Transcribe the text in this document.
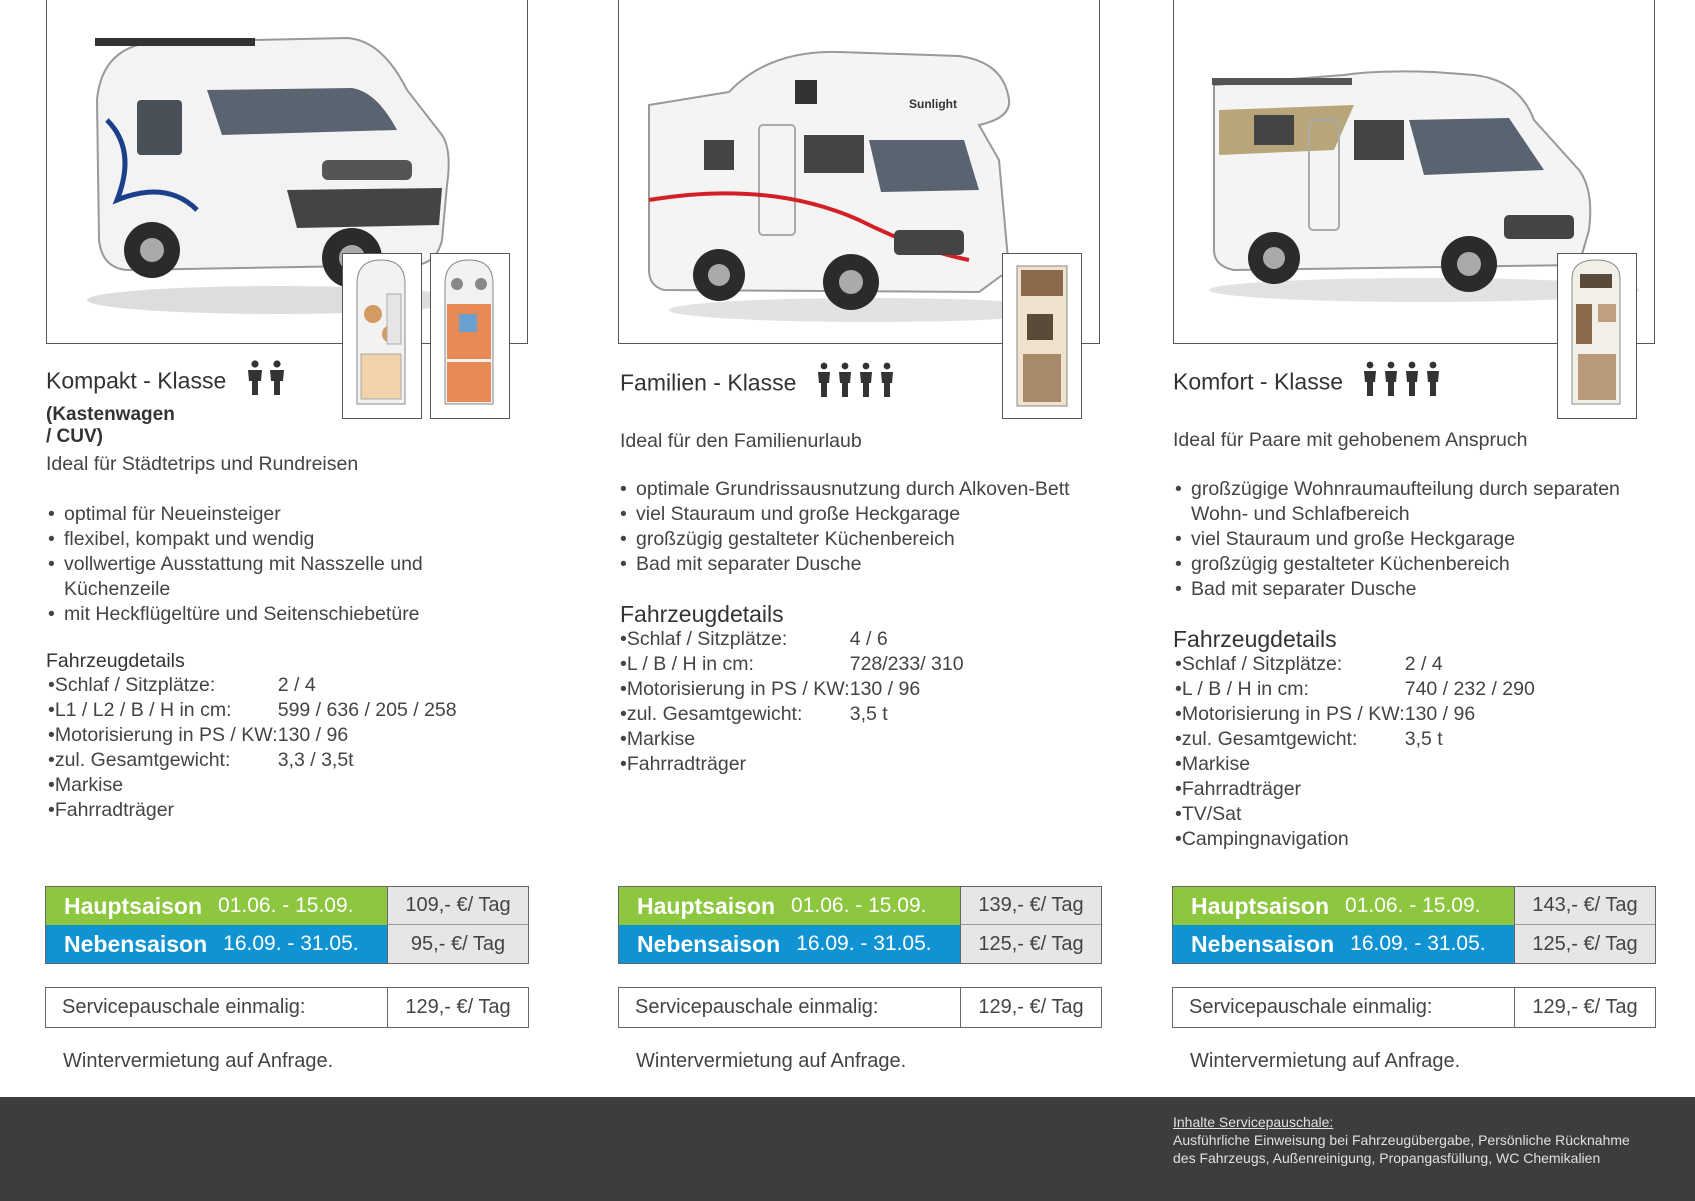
Kompakt - Klasse
(Kastenwagen / CUV)
Ideal für Städtetrips und Rundreisen
• optimal für Neueinsteiger
• flexibel, kompakt und wendig
• vollwertige Ausstattung mit Nasszelle und Küchenzeile
• mit Heckflügeltüre und Seitenschiebetüre
Fahrzeugdetails
•	Schlaf / Sitzplätze:	2 / 4
•	L1 / L2 / B / H in cm:	599 / 636 / 205 / 258
•	Motorisierung in PS / KW:	130 / 96
•	zul. Gesamtgewicht:	3,3 / 3,5t
•	Markise	
•	Fahrradträger	
Hauptsaison 01.06. - 15.09.	109,- €/ Tag
Nebensaison 16.09. - 31.05.	95,- €/ Tag
Servicepauschale einmalig:	129,- €/ Tag
Wintervermietung auf Anfrage.
Sunlight
Familien - Klasse
Ideal für den Familienurlaub
• optimale Grundrissausnutzung durch Alkoven-Bett
• viel Stauraum und große Heckgarage
• großzügig gestalteter Küchenbereich
• Bad mit separater Dusche
Fahrzeugdetails
•	Schlaf / Sitzplätze:	4 / 6
•	L / B / H in cm:	728/233/ 310
•	Motorisierung in PS / KW:	130 / 96
•	zul. Gesamtgewicht:	3,5 t
•	Markise	
•	Fahrradträger	
Hauptsaison 01.06. - 15.09.	139,- €/ Tag
Nebensaison 16.09. - 31.05.	125,- €/ Tag
Servicepauschale einmalig:	129,- €/ Tag
Wintervermietung auf Anfrage.
Komfort - Klasse
Ideal für Paare mit gehobenem Anspruch
• großzügige Wohnraumaufteilung durch separaten Wohn- und Schlafbereich
• viel Stauraum und große Heckgarage
• großzügig gestalteter Küchenbereich
• Bad mit separater Dusche
Fahrzeugdetails
•	Schlaf / Sitzplätze:	2 / 4
•	L / B / H in cm:	740 / 232 / 290
•	Motorisierung in PS / KW:	130 / 96
•	zul. Gesamtgewicht:	3,5 t
•	Markise	
•	Fahrradträger	
•	TV/Sat	
•	Campingnavigation	
Hauptsaison 01.06. - 15.09.	143,- €/ Tag
Nebensaison 16.09. - 31.05.	125,- €/ Tag
Servicepauschale einmalig:	129,- €/ Tag
Wintervermietung auf Anfrage.
Inhalte Servicepauschale:
Ausführliche Einweisung bei Fahrzeugübergabe, Persönliche Rücknahme
des Fahrzeugs, Außenreinigung, Propangasfüllung, WC Chemikalien
